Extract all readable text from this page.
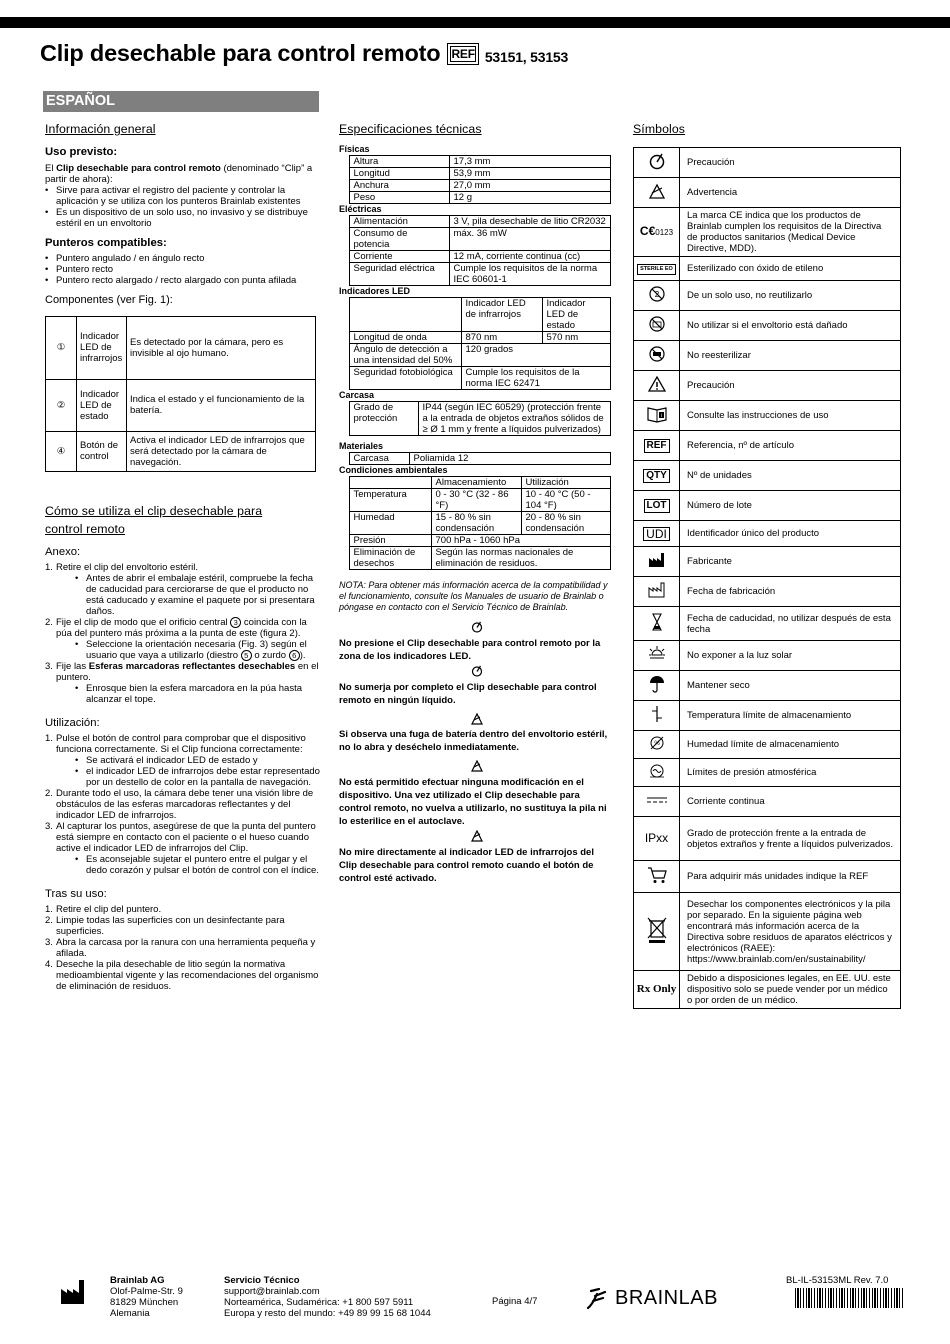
Clip desechable para control remoto REF 53151, 53153
ESPAÑOL
Información general
Uso previsto:
El Clip desechable para control remoto (denominado “Clip” a partir de ahora):
• Sirve para activar el registro del paciente y controlar la aplicación y se utiliza con los punteros Brainlab existentes
• Es un dispositivo de un solo uso, no invasivo y se distribuye estéril en un envoltorio
Punteros compatibles:
• Puntero angulado / en ángulo recto
• Puntero recto
• Puntero recto alargado / recto alargado con punta afilada
Componentes (ver Fig. 1):
①	Indicador LED de infrarrojos	Es detectado por la cámara, pero es invisible al ojo humano.
②	Indicador LED de estado	Indica el estado y el funcionamiento de la batería.
④	Botón de control	Activa el indicador LED de infrarrojos que será detectado por la cámara de navegación.
Cómo se utiliza el clip desechable para
control remoto
Anexo:
1. Retire el clip del envoltorio estéril.
• Antes de abrir el embalaje estéril, compruebe la fecha de caducidad para cerciorarse de que el producto no está caducado y examine el paquete por si presentara daños.
2. Fije el clip de modo que el orificio central 3 coincida con la púa del puntero más próxima a la punta de este (figura 2).
• Seleccione la orientación necesaria (Fig. 3) según el usuario que vaya a utilizarlo (diestro 5 o zurdo 6 ).
3. Fije las Esferas marcadoras reflectantes desechables en el puntero.
• Enrosque bien la esfera marcadora en la púa hasta alcanzar el tope.
Utilización:
1. Pulse el botón de control para comprobar que el dispositivo funciona correctamente. Si el Clip funciona correctamente:
• Se activará el indicador LED de estado y
• el indicador LED de infrarrojos debe estar representado por un destello de color en la pantalla de navegación.
2. Durante todo el uso, la cámara debe tener una visión libre de obstáculos de las esferas marcadoras reflectantes y del indicador LED de infrarrojos.
3. Al capturar los puntos, asegúrese de que la punta del puntero está siempre en contacto con el paciente o el hueso cuando active el indicador LED de infrarrojos del Clip.
• Es aconsejable sujetar el puntero entre el pulgar y el dedo corazón y pulsar el botón de control con el índice.
Tras su uso:
1. Retire el clip del puntero.
2. Limpie todas las superficies con un desinfectante para superficies.
3. Abra la carcasa por la ranura con una herramienta pequeña y afilada.
4. Deseche la pila desechable de litio según la normativa medioambiental vigente y las recomendaciones del organismo de eliminación de residuos.
Especificaciones técnicas
Físicas
	Altura	17,3 mm
	Longitud	53,9 mm
	Anchura	27,0 mm
	Peso	12 g
Eléctricas
	Alimentación	3 V, pila desechable de litio CR2032
	Consumo de potencia	máx. 36 mW
	Corriente	12 mA, corriente continua (cc)
	Seguridad eléctrica	Cumple los requisitos de la norma IEC 60601-1
Indicadores LED
		Indicador LED de infrarrojos	Indicador LED de estado
	Longitud de onda	870 nm	570 nm
	Ángulo de detección a una intensidad del 50%	120 grados	
	Seguridad fotobiológica	Cumple los requisitos de la norma IEC 62471	
Carcasa
	Grado de protección	IP44 (según IEC 60529) (protección frente a la entrada de objetos extraños sólidos de ≥ Ø 1 mm y frente a líquidos pulverizados)
Materiales
	Carcasa	Poliamida 12
Condiciones ambientales
		Almacenamiento	Utilización
	Temperatura	0 - 30 °C (32 - 86 °F)	10 - 40 °C (50 - 104 °F)
	Humedad	15 - 80 % sin condensación	20 - 80 % sin condensación
	Presión	700 hPa - 1060 hPa	
	Eliminación de desechos	Según las normas nacionales de eliminación de residuos.	
NOTA: Para obtener más información acerca de la compatibilidad y el funcionamiento, consulte los Manuales de usuario de Brainlab o póngase en contacto con el Servicio Técnico de Brainlab.
No presione el Clip desechable para control remoto por la zona de los indicadores LED.
No sumerja por completo el Clip desechable para control remoto en ningún líquido.
Si observa una fuga de batería dentro del envoltorio estéril, no lo abra y deséchelo inmediatamente.
No está permitido efectuar ninguna modificación en el dispositivo. Una vez utilizado el Clip desechable para control remoto, no vuelva a utilizarlo, no sustituya la pila ni lo esterilice en el autoclave.
No mire directamente al indicador LED de infrarrojos del Clip desechable para control remoto cuando el botón de control esté activado.
Símbolos
	Precaución
	Advertencia
C€0123	La marca CE indica que los productos de Brainlab cumplen los requisitos de la Directiva de productos sanitarios (Medical Device Directive, MDD).
STERILE EO	Esterilizado con óxido de etileno

2	De un solo uso, no reutilizarlo
	No utilizar si el envoltorio está dañado
	No reesterilizar
	Precaución

i	Consulte las instrucciones de uso
REF	Referencia, nº de artículo
QTY	Nº de unidades
LOT	Número de lote
UDI	Identificador único del producto
	Fabricante
	Fecha de fabricación
	Fecha de caducidad, no utilizar después de esta fecha
	No exponer a la luz solar
	Mantener seco
	Temperatura límite de almacenamiento

%	Humedad límite de almacenamiento
	Límites de presión atmosférica
	Corriente continua
IPxx	Grado de protección frente a la entrada de objetos extraños y frente a líquidos pulverizados.
	Para adquirir más unidades indique la REF
	Desechar los componentes electrónicos y la pila por separado. En la siguiente página web encontrará más información acerca de la Directiva sobre residuos de aparatos eléctricos y electrónicos (RAEE): https://www.brainlab.com/en/sustainability/
Rx Only	Debido a disposiciones legales, en EE. UU. este dispositivo solo se puede vender por un médico o por orden de un médico.
Brainlab AG
Olof-Palme-Str. 9
81829 München
Alemania
Servicio Técnico
support@brainlab.com
Norteamérica, Sudamérica: +1 800 597 5911
Europa y resto del mundo: +49 89 99 15 68 1044
Página 4/7	BRAINLAB
BL-IL-53153ML Rev. 7.0
